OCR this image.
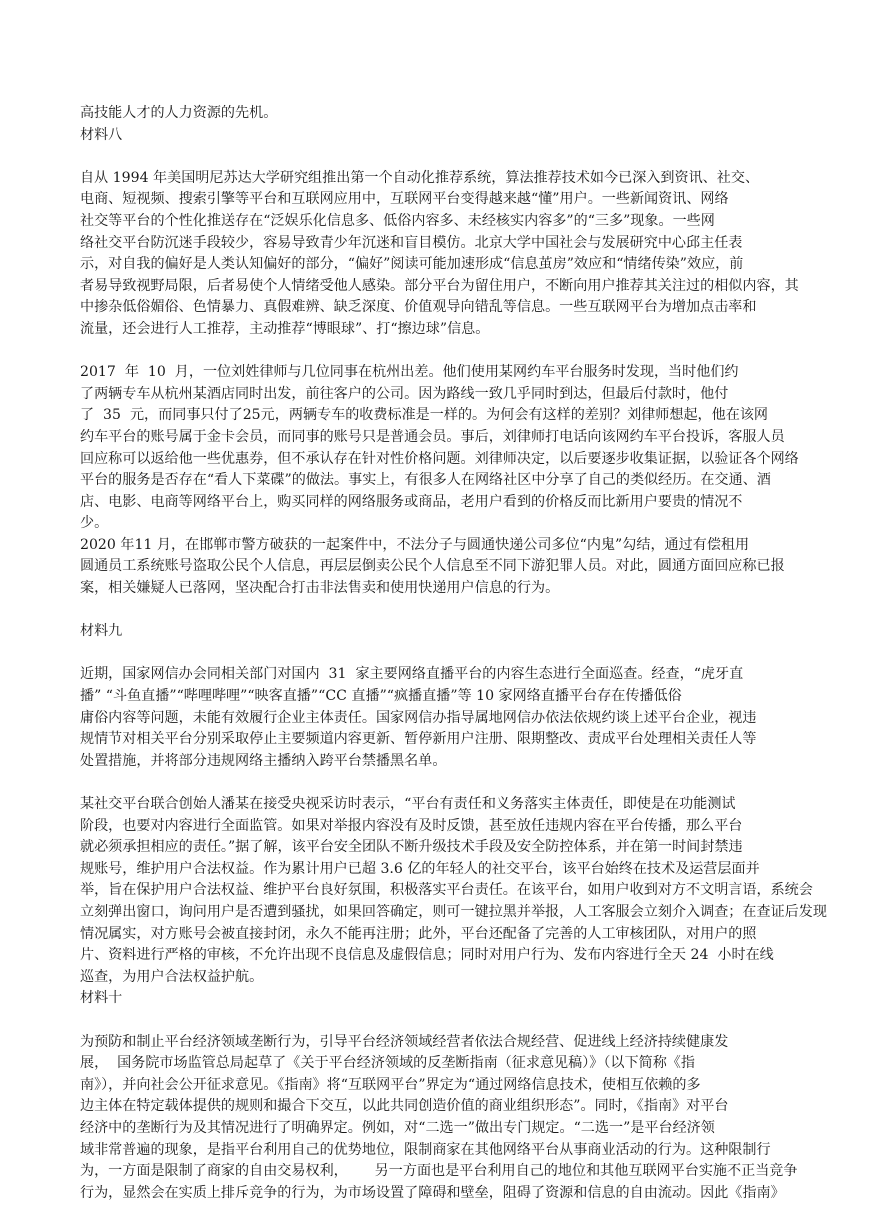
高技能人才的人力资源的先机。
材料八
自从 1994 年美国明尼苏达大学研究组推出第一个自动化推荐系统，算法推荐技术如今已深入到资讯、社交、
电商、短视频、搜索引擎等平台和互联网应用中，互联网平台变得越来越“懂”用户。一些新闻资讯、网络
社交等平台的个性化推送存在“泛娱乐化信息多、低俗内容多、未经核实内容多”的“三多”现象。一些网
络社交平台防沉迷手段较少，容易导致青少年沉迷和盲目模仿。北京大学中国社会与发展研究中心邱主任表
示，对自我的偏好是人类认知偏好的部分，“偏好”阅读可能加速形成“信息茧房”效应和“情绪传染”效应，前
者易导致视野局限，后者易使个人情绪受他人感染。部分平台为留住用户，不断向用户推荐其关注过的相似内容，其
中掺杂低俗媚俗、色情暴力、真假难辨、缺乏深度、价值观导向错乱等信息。一些互联网平台为增加点击率和
流量，还会进行人工推荐，主动推荐“博眼球”、打“擦边球”信息。
2017  年  10  月，一位刘姓律师与几位同事在杭州出差。他们使用某网约车平台服务时发现，当时他们约
了两辆专车从杭州某酒店同时出发，前往客户的公司。因为路线一致几乎同时到达，但最后付款时，他付
了  35  元，而同事只付了25元，两辆专车的收费标准是一样的。为何会有这样的差别？刘律师想起，他在该网
约车平台的账号属于金卡会员，而同事的账号只是普通会员。事后，刘律师打电话向该网约车平台投诉，客服人员
回应称可以返给他一些优惠券，但不承认存在针对性价格问题。刘律师决定，以后要逐步收集证据，以验证各个网络
平台的服务是否存在“看人下菜碟”的做法。事实上，有很多人在网络社区中分享了自己的类似经历。在交通、酒
店、电影、电商等网络平台上，购买同样的网络服务或商品，老用户看到的价格反而比新用户要贵的情况不
少。
2020 年11 月，在邯郸市警方破获的一起案件中，不法分子与圆通快递公司多位“内鬼”勾结，通过有偿租用
圆通员工系统账号盗取公民个人信息，再层层倒卖公民个人信息至不同下游犯罪人员。对此，圆通方面回应称已报
案，相关嫌疑人已落网，坚决配合打击非法售卖和使用快递用户信息的行为。
材料九
近期，国家网信办会同相关部门对国内  31  家主要网络直播平台的内容生态进行全面巡查。经查，“虎牙直
播” “斗鱼直播”“哔哩哔哩”“映客直播”“CC 直播”“疯播直播”等 10 家网络直播平台存在传播低俗
庸俗内容等问题，未能有效履行企业主体责任。国家网信办指导属地网信办依法依规约谈上述平台企业，视违
规情节对相关平台分别采取停止主要频道内容更新、暂停新用户注册、限期整改、责成平台处理相关责任人等
处置措施，并将部分违规网络主播纳入跨平台禁播黑名单。
某社交平台联合创始人潘某在接受央视采访时表示，“平台有责任和义务落实主体责任，即使是在功能测试
阶段，也要对内容进行全面监管。如果对举报内容没有及时反馈，甚至放任违规内容在平台传播，那么平台
就必须承担相应的责任。”据了解，该平台安全团队不断升级技术手段及安全防控体系，并在第一时间封禁违
规账号，维护用户合法权益。作为累计用户已超 3.6 亿的年轻人的社交平台，该平台始终在技术及运营层面并
举，旨在保护用户合法权益、维护平台良好氛围，积极落实平台责任。在该平台，如用户收到对方不文明言语，系统会
立刻弹出窗口，询问用户是否遭到骚扰，如果回答确定，则可一键拉黑并举报，人工客服会立刻介入调查；在查证后发现
情况属实，对方账号会被直接封闭，永久不能再注册；此外，平台还配备了完善的人工审核团队，对用户的照
片、资料进行严格的审核，不允许出现不良信息及虚假信息；同时对用户行为、发布内容进行全天 24  小时在线
巡查，为用户合法权益护航。
材料十
为预防和制止平台经济领域垄断行为，引导平台经济领域经营者依法合规经营、促进线上经济持续健康发
展，  国务院市场监管总局起草了《关于平台经济领域的反垄断指南（征求意见稿）》（以下简称《指
南》），并向社会公开征求意见。《指南》将“互联网平台”界定为“通过网络信息技术，使相互依赖的多
边主体在特定载体提供的规则和撮合下交互，以此共同创造价值的商业组织形态”。同时，《指南》对平台
经济中的垄断行为及其情况进行了明确界定。例如，对“二选一”做出专门规定。“二选一”是平台经济领
域非常普遍的现象，是指平台利用自己的优势地位，限制商家在其他网络平台从事商业活动的行为。这种限制行
为，一方面是限制了商家的自由交易权利，      另一方面也是平台利用自己的地位和其他互联网平台实施不正当竞争
行为，显然会在实质上排斥竞争的行为，为市场设置了障碍和壁垒，阻碍了资源和信息的自由流动。因此《指南》
